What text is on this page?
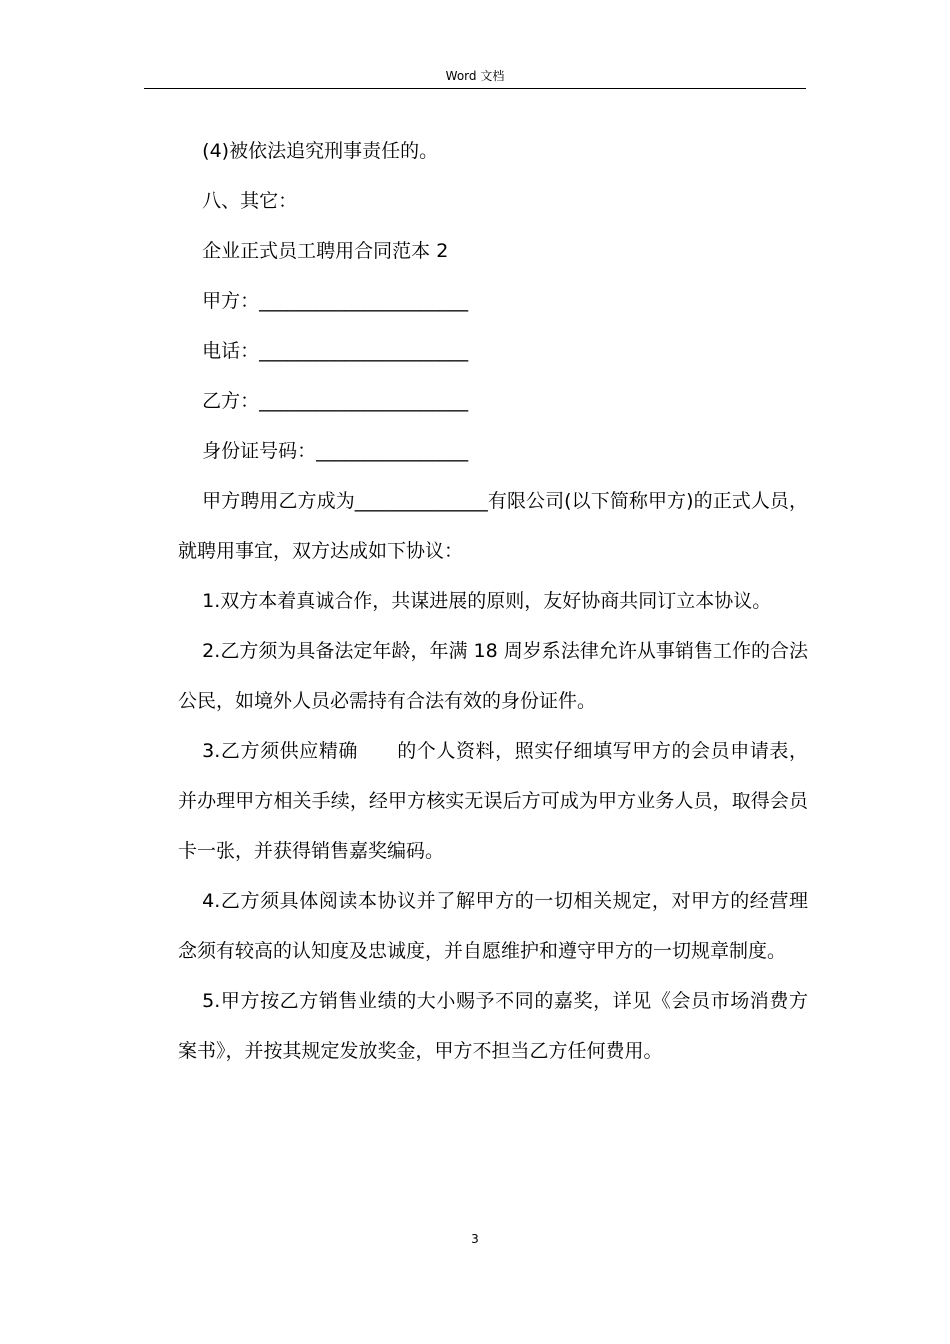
Word 文档

(4)被依法追究刑事责任的。

八、其它：

企业正式员工聘用合同范本 2

甲方：______________________

电话：______________________

乙方：______________________

身份证号码：________________

甲方聘用乙方成为______________有限公司(以下简称甲方)的正式人员，就聘用事宜，双方达成如下协议：

1.双方本着真诚合作，共谋进展的原则，友好协商共同订立本协议。

2.乙方须为具备法定年龄，年满 18 周岁系法律允许从事销售工作的合法公民，如境外人员必需持有合法有效的身份证件。

3.乙方须供应精确　　的个人资料，照实仔细填写甲方的会员申请表，并办理甲方相关手续，经甲方核实无误后方可成为甲方业务人员，取得会员卡一张，并获得销售嘉奖编码。

4.乙方须具体阅读本协议并了解甲方的一切相关规定，对甲方的经营理念须有较高的认知度及忠诚度，并自愿维护和遵守甲方的一切规章制度。

5.甲方按乙方销售业绩的大小赐予不同的嘉奖，详见《会员市场消费方案书》，并按其规定发放奖金，甲方不担当乙方任何费用。

3
